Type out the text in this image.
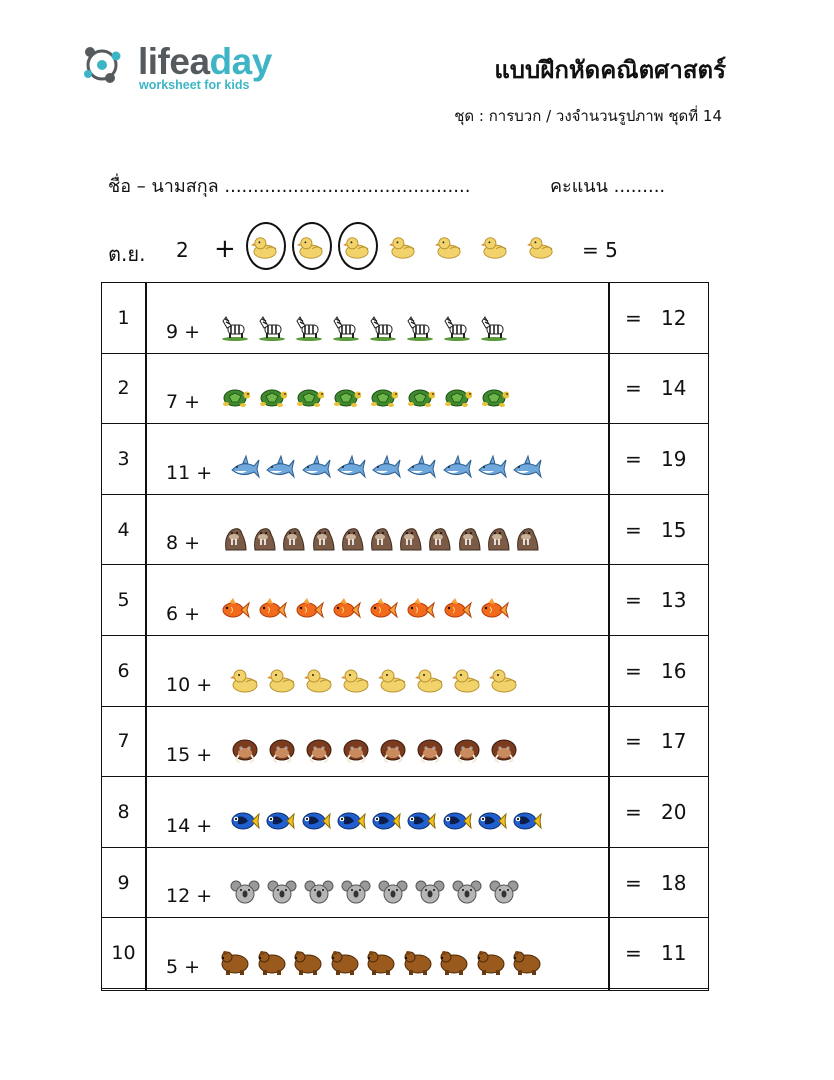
lifeaday
worksheet for kids
แบบฝึกหัดคณิตศาสตร์
ชุด : การบวก / วงจำนวนรูปภาพ ชุดที่ 14
ชื่อ – นามสกุล ...........................................	คะแนน .........
ต.ย. 2 +	= 5
1
9 +
= 12
2
7 +
= 14
3
11 +
= 19
4
8 +
= 15
5
6 +
= 13
6
10 +
= 16
7
15 +
= 17
8
14 +
= 20
9
12 +
= 18
10
5 +
= 11
